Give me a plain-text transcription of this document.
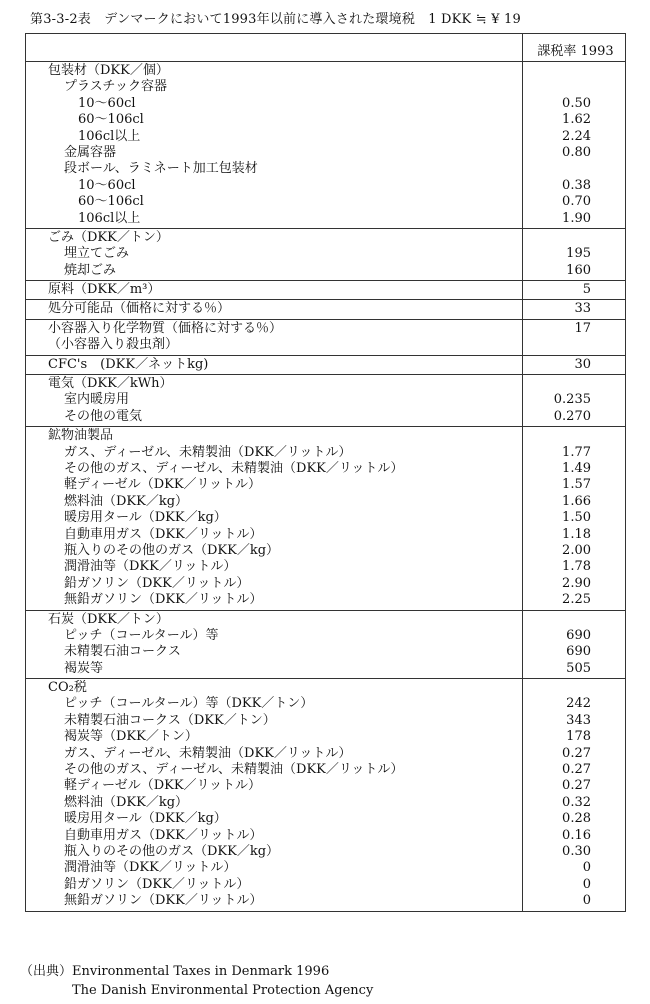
第3-3-2表　デンマークにおいて1993年以前に導入された環境税　1 DKK ≒ ¥ 19
課税率 1993
包装材（DKK／個）
プラスチック容器
10～60cl	0.50
60～106cl	1.62
106cl以上	2.24
金属容器	0.80
段ボール、ラミネート加工包装材
10～60cl	0.38
60～106cl	0.70
106cl以上	1.90
ごみ（DKK／トン）
埋立てごみ	195
焼却ごみ	160
原料（DKK／m³）	5
処分可能品（価格に対する％）	33
小容器入り化学物質（価格に対する％）	17
（小容器入り殺虫剤）
CFC's　(DKK／ネットkg)	30
電気（DKK／kWh）
室内暖房用	0.235
その他の電気	0.270
鉱物油製品
ガス、ディーゼル、未精製油（DKK／リットル）	1.77
その他のガス、ディーゼル、未精製油（DKK／リットル）	1.49
軽ディーゼル（DKK／リットル）	1.57
燃料油（DKK／kg）	1.66
暖房用タール（DKK／kg）	1.50
自動車用ガス（DKK／リットル）	1.18
瓶入りのその他のガス（DKK／kg）	2.00
潤滑油等（DKK／リットル）	1.78
鉛ガソリン（DKK／リットル）	2.90
無鉛ガソリン（DKK／リットル）	2.25
石炭（DKK／トン）
ピッチ（コールタール）等	690
未精製石油コークス	690
褐炭等	505
CO₂税
ピッチ（コールタール）等（DKK／トン）	242
未精製石油コークス（DKK／トン）	343
褐炭等（DKK／トン）	178
ガス、ディーゼル、未精製油（DKK／リットル）	0.27
その他のガス、ディーゼル、未精製油（DKK／リットル）	0.27
軽ディーゼル（DKK／リットル）	0.27
燃料油（DKK／kg）	0.32
暖房用タール（DKK／kg）	0.28
自動車用ガス（DKK／リットル）	0.16
瓶入りのその他のガス（DKK／kg）	0.30
潤滑油等（DKK／リットル）	0
鉛ガソリン（DKK／リットル）	0
無鉛ガソリン（DKK／リットル）	0
（出典）Environmental Taxes in Denmark 1996
The Danish Environmental Protection Agency
